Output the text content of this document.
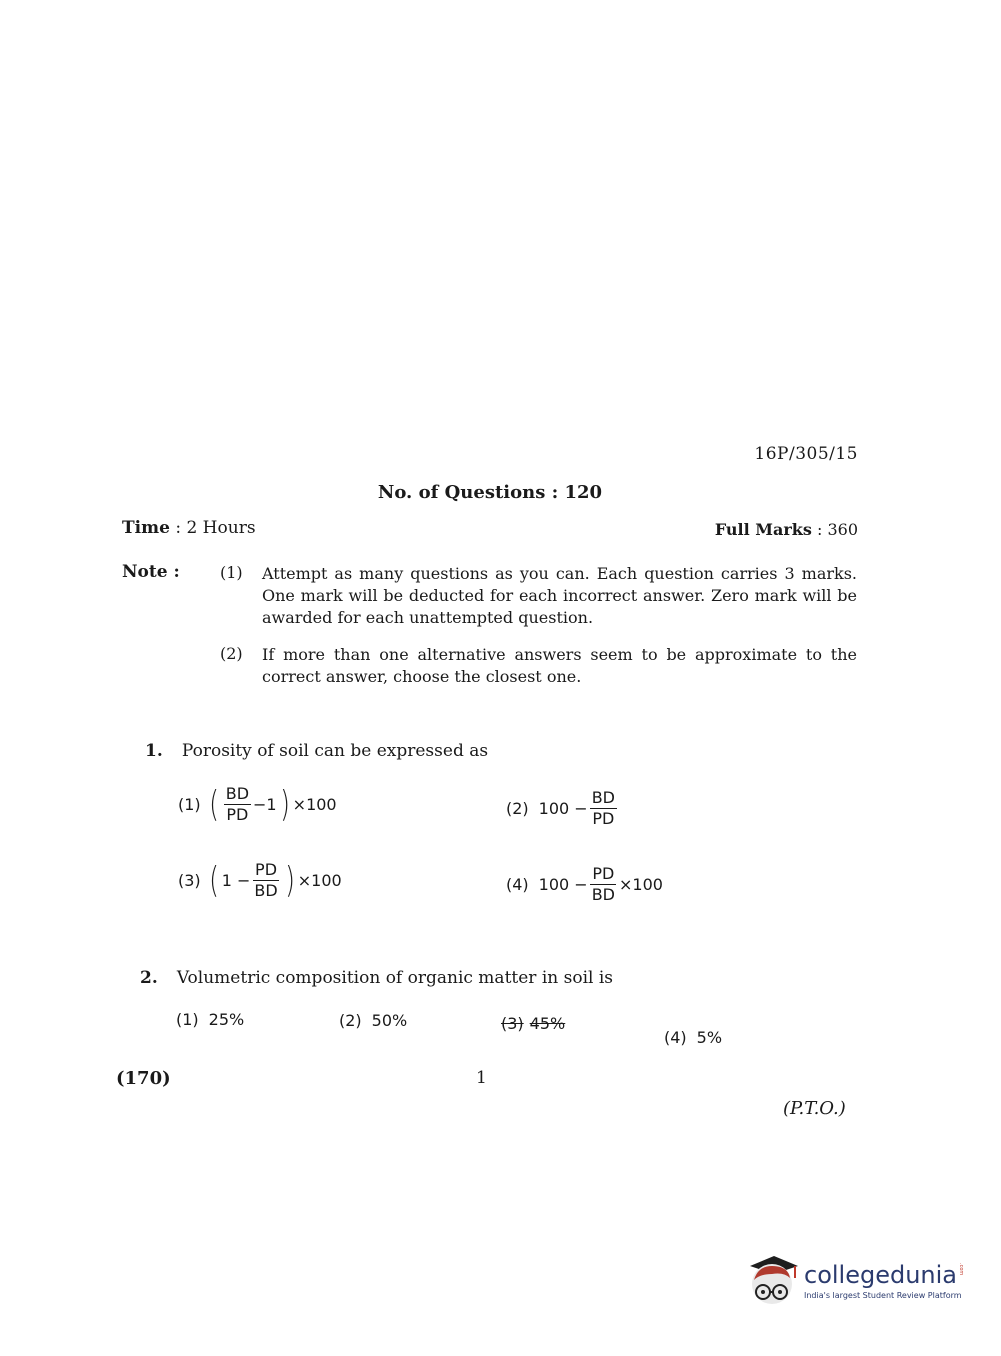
16P/305/15
No. of Questions : 120
Time : 2 Hours	Full Marks : 360
Note :	(1) Attempt as many questions as you can. Each question carries 3 marks. One mark will be deducted for each incorrect answer. Zero mark will be awarded for each unattempted question.
(2) If more than one alternative answers seem to be approximate to the correct answer, choose the closest one.
1. Porosity of soil can be expressed as
(1) ( $\frac{BD}{PD} -1$ ) ×100	(2) $100 - \frac{BD}{PD}$
(3) ( $1 - \frac{PD}{BD}$ ) ×100	(4) $100 - \frac{PD}{BD} \times 100$
2. Volumetric composition of organic matter in soil is
(1) 25%	(2) 50%	(3) 45%
(4) 5%
(170)	1
(P.T.O.)
collegedunia .com
India's largest Student Review Platform
